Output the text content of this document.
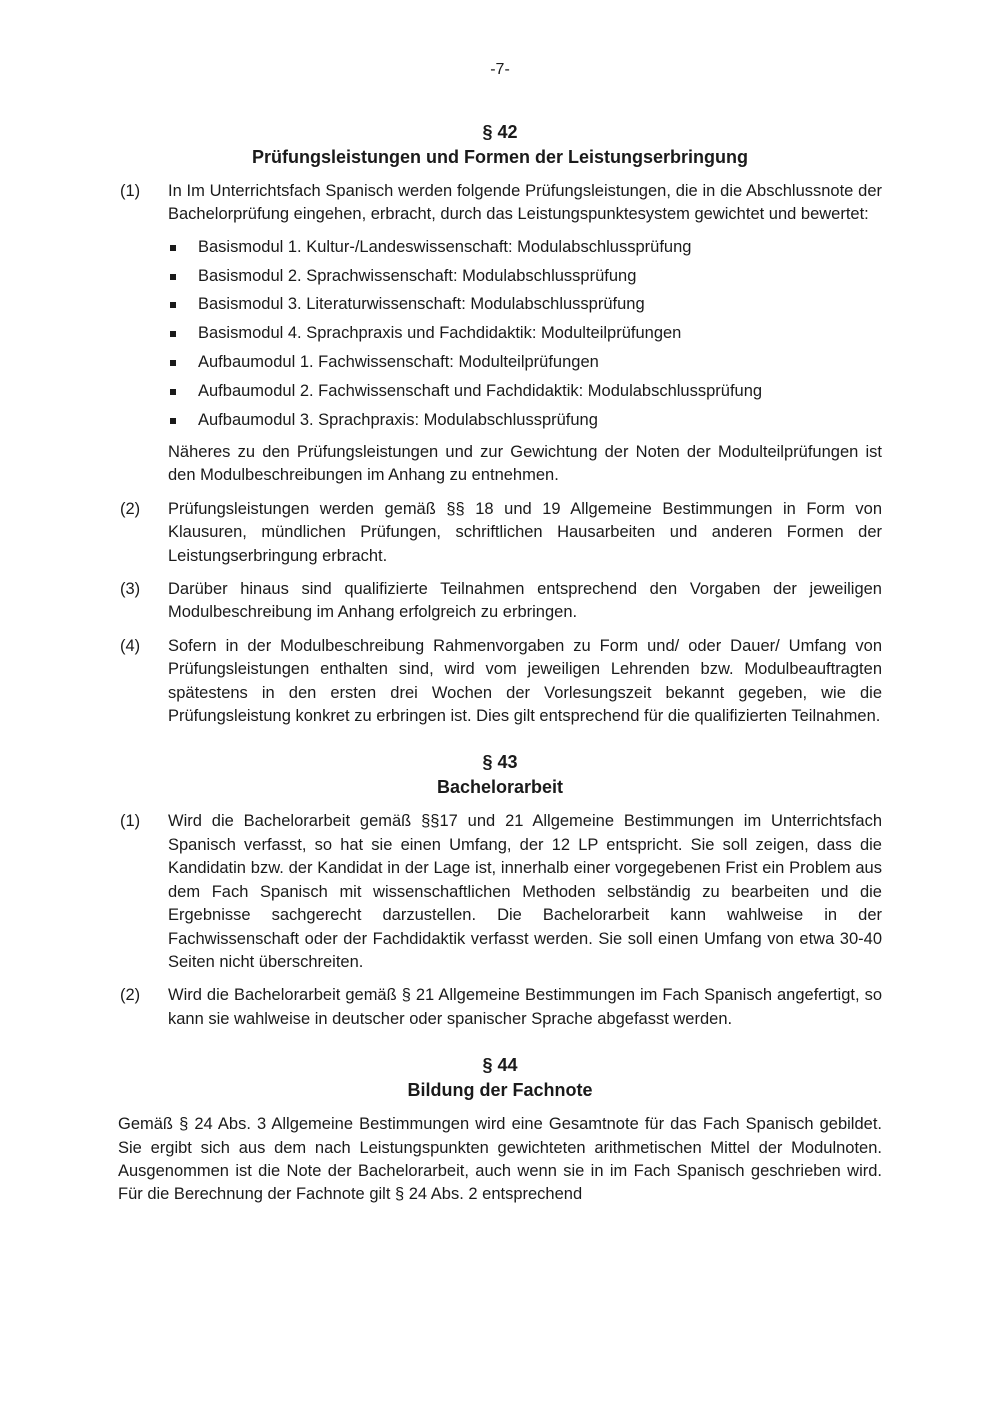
-7-
§ 42
Prüfungsleistungen und Formen der Leistungserbringung
(1)	In Im Unterrichtsfach Spanisch werden folgende Prüfungsleistungen, die in die Abschlussnote der Bachelorprüfung eingehen, erbracht, durch das Leistungspunktesystem gewichtet und bewertet:

Basismodul 1. Kultur-/Landeswissenschaft: Modulabschlussprüfung
Basismodul 2. Sprachwissenschaft: Modulabschlussprüfung
Basismodul 3. Literaturwissenschaft: Modulabschlussprüfung
Basismodul 4. Sprachpraxis und Fachdidaktik: Modulteilprüfungen
Aufbaumodul 1. Fachwissenschaft: Modulteilprüfungen
Aufbaumodul 2. Fachwissenschaft und Fachdidaktik: Modulabschlussprüfung
Aufbaumodul 3. Sprachpraxis: Modulabschlussprüfung

Näheres zu den Prüfungsleistungen und zur Gewichtung der Noten der Modulteilprüfungen ist den Modulbeschreibungen im Anhang zu entnehmen.

(2)	Prüfungsleistungen werden gemäß §§ 18 und 19 Allgemeine Bestimmungen in Form von Klausuren, mündlichen Prüfungen, schriftlichen Hausarbeiten und anderen Formen der Leistungserbringung erbracht.
(3)	Darüber hinaus sind qualifizierte Teilnahmen entsprechend den Vorgaben der jeweiligen Modulbeschreibung im Anhang erfolgreich zu erbringen.
(4)	Sofern in der Modulbeschreibung Rahmenvorgaben zu Form und/ oder Dauer/ Umfang von Prüfungsleistungen enthalten sind, wird vom jeweiligen Lehrenden bzw. Modulbeauftragten spätestens in den ersten drei Wochen der Vorlesungszeit bekannt gegeben, wie die Prüfungsleistung konkret zu erbringen ist. Dies gilt entsprechend für die qualifizierten Teilnahmen.
§ 43
Bachelorarbeit
(1)	Wird die Bachelorarbeit gemäß §§17 und 21 Allgemeine Bestimmungen im Unterrichtsfach Spanisch verfasst, so hat sie einen Umfang, der 12 LP entspricht. Sie soll zeigen, dass die Kandidatin bzw. der Kandidat in der Lage ist, innerhalb einer vorgegebenen Frist ein Problem aus dem Fach Spanisch mit wissenschaftlichen Methoden selbständig zu bearbeiten und die Ergebnisse sachgerecht darzustellen. Die Bachelorarbeit kann wahlweise in der Fachwissenschaft oder der Fachdidaktik verfasst werden. Sie soll einen Umfang von etwa 30-40 Seiten nicht überschreiten.
(2)	Wird die Bachelorarbeit gemäß § 21 Allgemeine Bestimmungen im Fach Spanisch angefertigt, so kann sie wahlweise in deutscher oder spanischer Sprache abgefasst werden.
§ 44
Bildung der Fachnote

Gemäß § 24 Abs. 3 Allgemeine Bestimmungen wird eine Gesamtnote für das Fach Spanisch gebildet. Sie ergibt sich aus dem nach Leistungspunkten gewichteten arithmetischen Mittel der Modulnoten. Ausgenommen ist die Note der Bachelorarbeit, auch wenn sie in im Fach Spanisch geschrieben wird. Für die Berechnung der Fachnote gilt § 24 Abs. 2 entsprechend
